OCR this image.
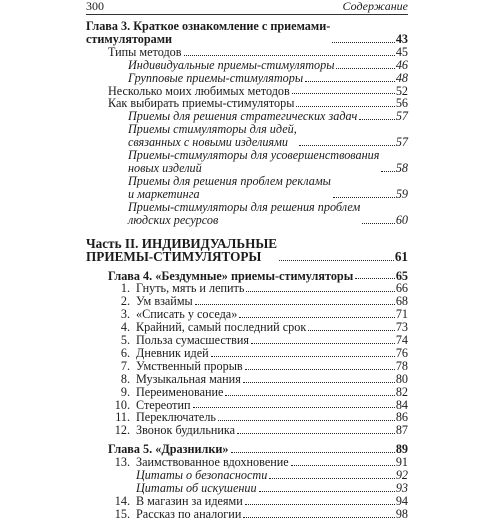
300	Содержание
Глава 3. Краткое ознакомление с приемами-
стимуляторами	43
Типы методов	45
Индивидуальные приемы-стимуляторы	46
Групповые приемы-стимуляторы	48
Несколько моих любимых методов	52
Как выбирать приемы-стимуляторы	56
Приемы для решения стратегических задач	57
Приемы стимуляторы для идей,
связанных с новыми изделиями	57
Приемы-стимуляторы для усовершенствования
новых изделий	58
Приемы для решения проблем рекламы
и маркетинга	59
Приемы-стимуляторы для решения проблем
людских ресурсов	60
Часть II. ИНДИВИДУАЛЬНЫЕ
ПРИЕМЫ-СТИМУЛЯТОРЫ	61
Глава 4. «Бездумные» приемы-стимуляторы	65
1. Гнуть, мять и лепить	66
2. Ум взаймы	68
3. «Списать у соседа»	71
4. Крайний, самый последний срок	73
5. Польза сумасшествия	74
6. Дневник идей	76
7. Умственный прорыв	78
8. Музыкальная мания	80
9. Переименование	82
10. Стереотип	84
11. Переключатель	86
12. Звонок будильника	87
Глава 5. «Дразнилки»	89
13. Заимствованное вдохновение	91
Цитаты о безопасности	92
Цитаты об искушении	93
14. В магазин за идеями	94
15. Рассказ по аналогии	98
